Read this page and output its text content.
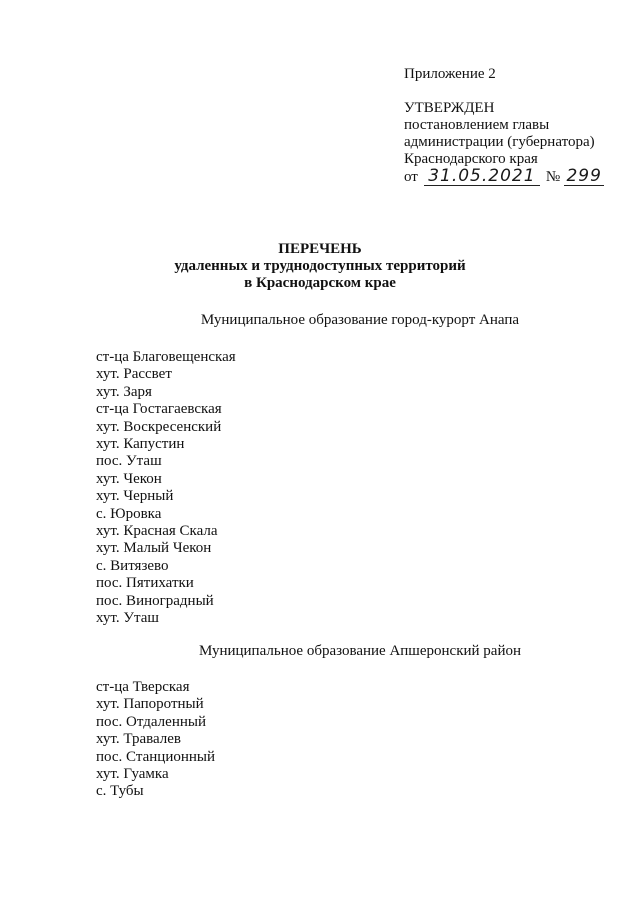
Приложение 2
УТВЕРЖДЕН
постановлением главы
администрации (губернатора)
Краснодарского края
от 31.05.2021 № 299
ПЕРЕЧЕНЬ
удаленных и труднодоступных территорий
в Краснодарском крае
Муниципальное образование город-курорт Анапа
ст-ца Благовещенская
хут. Рассвет
хут. Заря
ст-ца Гостагаевская
хут. Воскресенский
хут. Капустин
пос. Уташ
хут. Чекон
хут. Черный
с. Юровка
хут. Красная Скала
хут. Малый Чекон
с. Витязево
пос. Пятихатки
пос. Виноградный
хут. Уташ
Муниципальное образование Апшеронский район
ст-ца Тверская
хут. Папоротный
пос. Отдаленный
хут. Травалев
пос. Станционный
хут. Гуамка
с. Тубы
